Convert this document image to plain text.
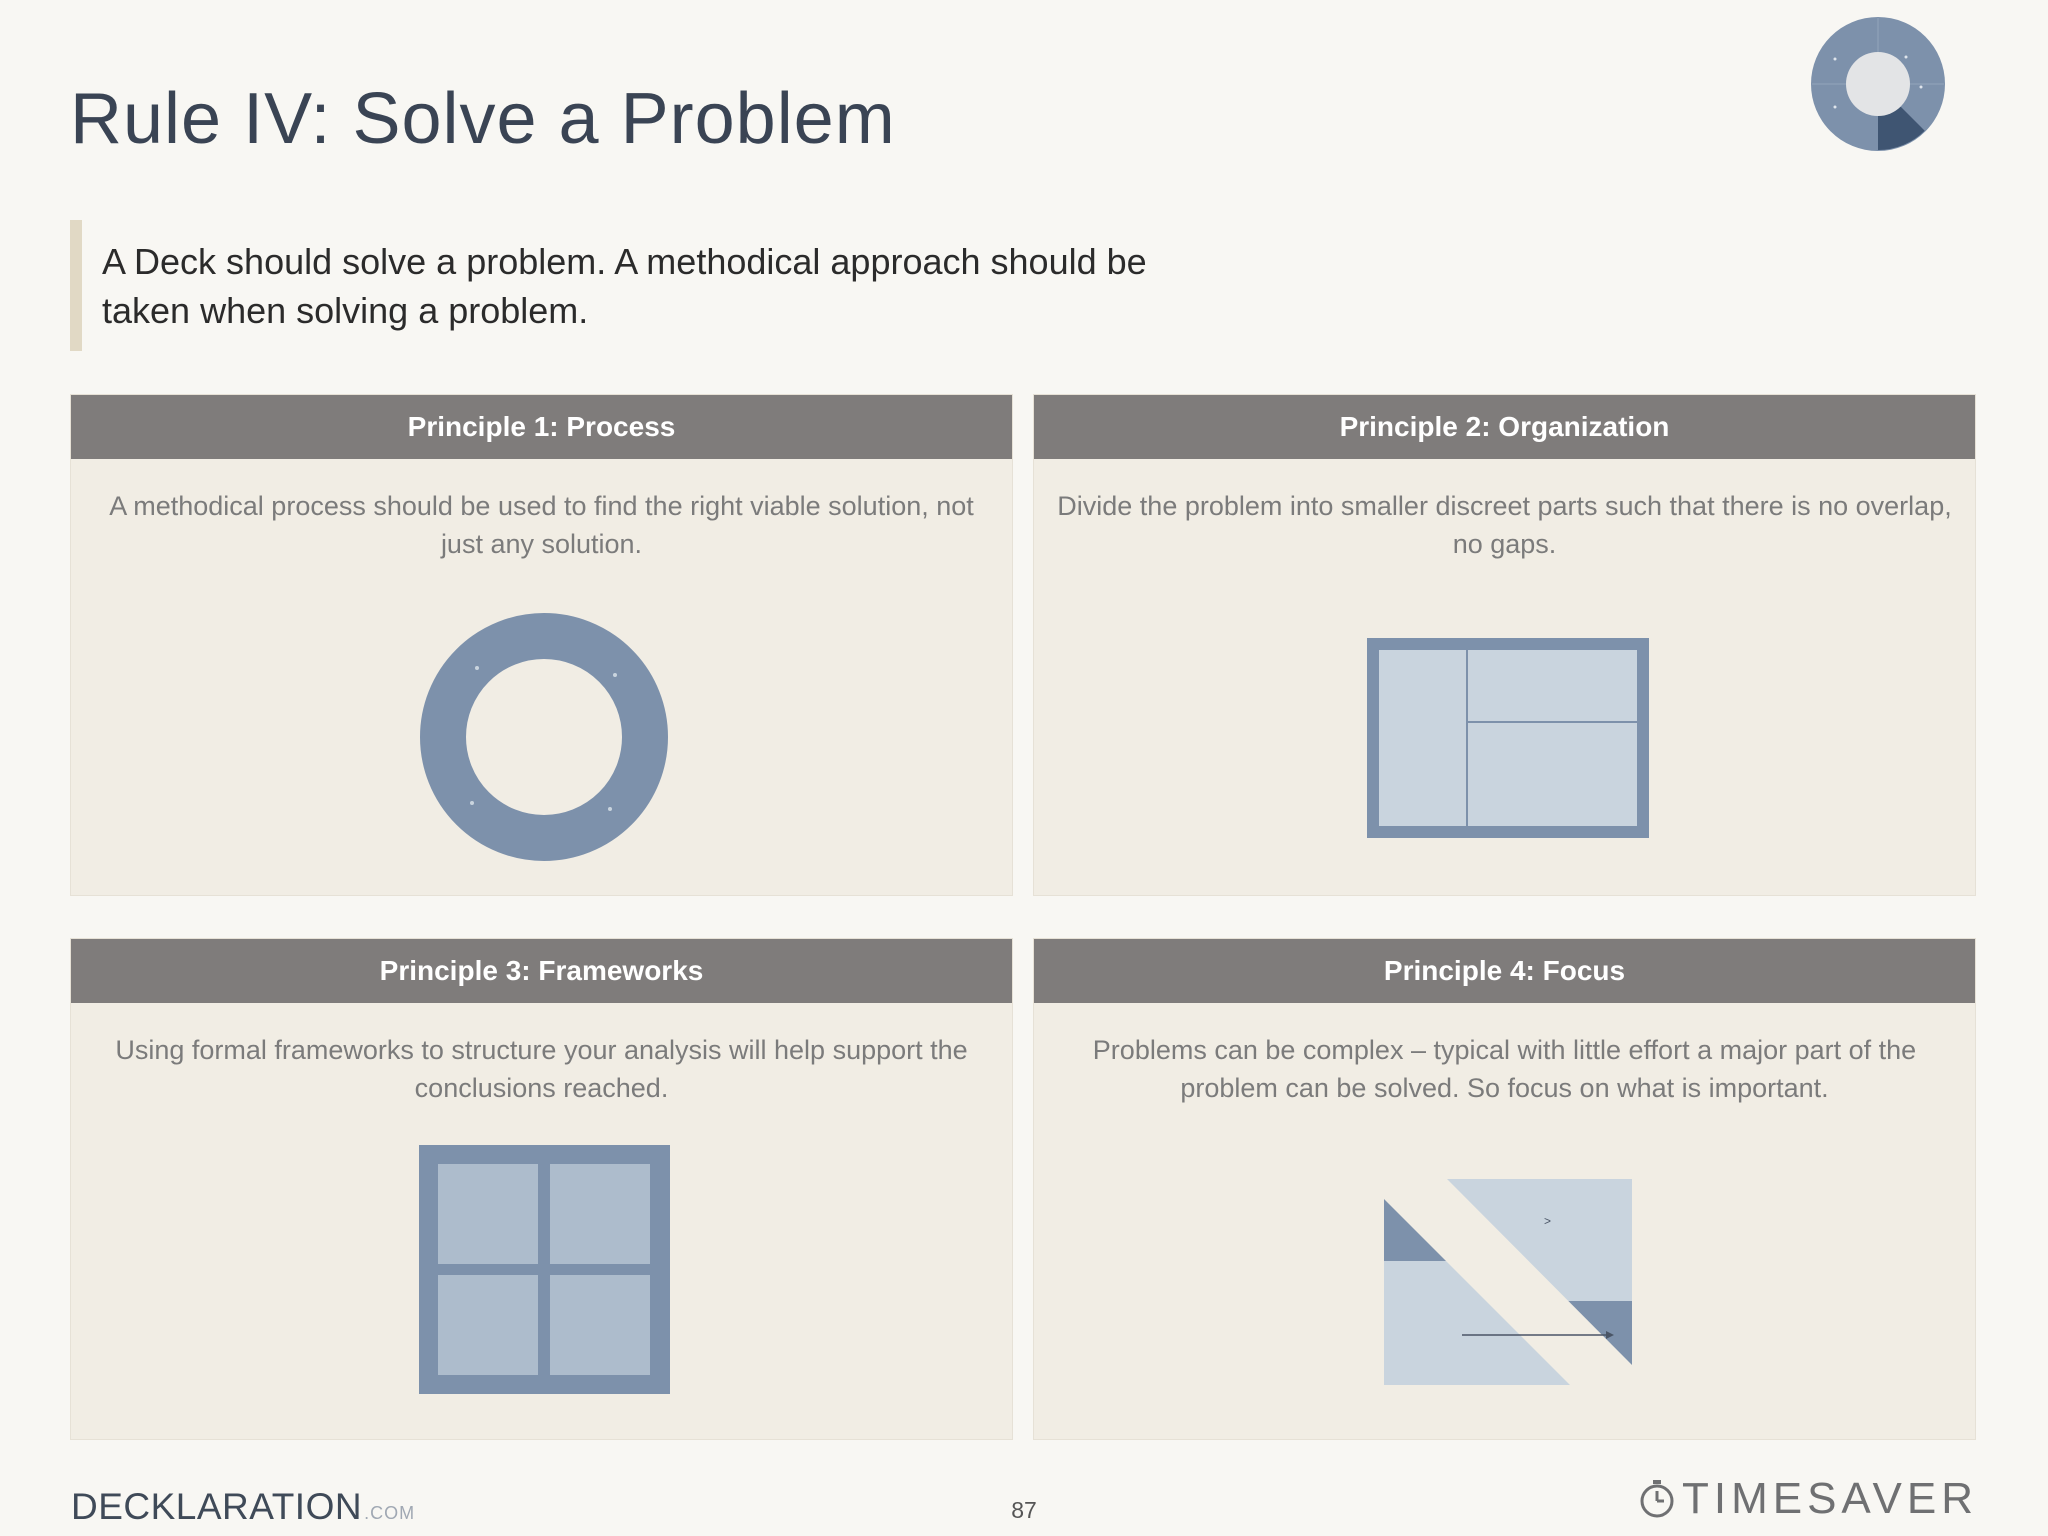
Rule IV: Solve a Problem
A Deck should solve a problem. A methodical approach should be taken when solving a problem.
Principle 1: Process
A methodical process should be used to find the right viable solution, not just any solution.
Principle 2: Organization
Divide the problem into smaller discreet parts such that there is no overlap, no gaps.
Principle 3: Frameworks
Using formal frameworks to structure your analysis will help support the conclusions reached.
Principle 4: Focus
Problems can be complex – typical with little effort a major part of the problem can be solved. So focus on what is important.
>
DECKLARATION .COM	87	TIMESAVER
